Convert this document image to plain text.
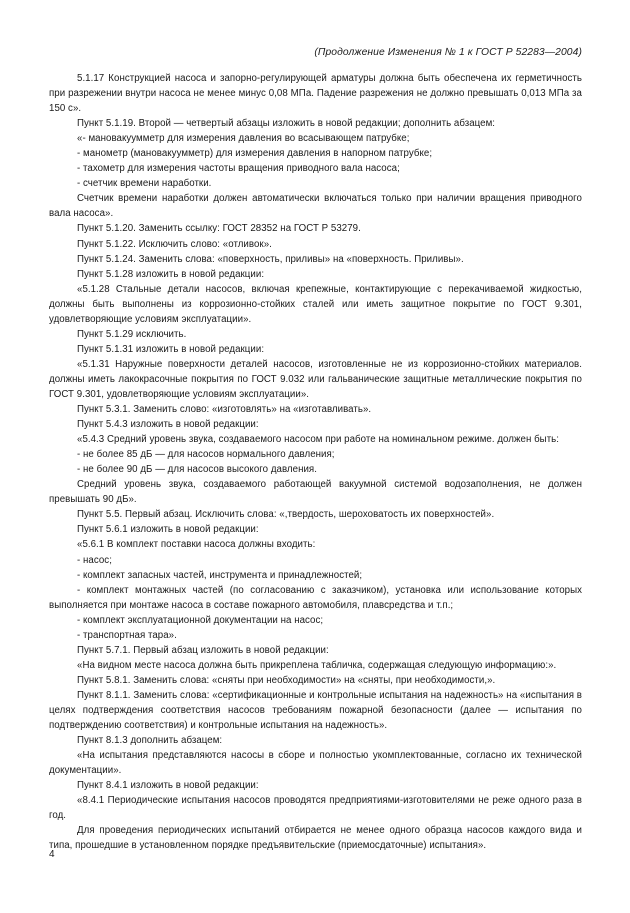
(Продолжение Изменения № 1 к ГОСТ Р 52283—2004)

5.1.17 Конструкцией насоса и запорно-регулирующей арматуры должна быть обеспечена их герметичность при разрежении внутри насоса не менее минус 0,08 МПа. Падение разрежения не должно превышать 0,013 МПа за 150 с».

Пункт 5.1.19. Второй — четвертый абзацы изложить в новой редакции; дополнить абзацем:

«- мановакуумметр для измерения давления во всасывающем патрубке;

- манометр (мановакуумметр) для измерения давления в напорном патрубке;

- тахометр для измерения частоты вращения приводного вала насоса;

- счетчик времени наработки.

Счетчик времени наработки должен автоматически включаться только при наличии вращения приводного вала насоса».

Пункт 5.1.20. Заменить ссылку: ГОСТ 28352 на ГОСТ Р 53279.

Пункт 5.1.22. Исключить слово: «отливок».

Пункт 5.1.24. Заменить слова: «поверхность, приливы» на «поверхность. Приливы».

Пункт 5.1.28 изложить в новой редакции:

«5.1.28 Стальные детали насосов, включая крепежные, контактирующие с перекачиваемой жидкостью, должны быть выполнены из коррозионно-стойких сталей или иметь защитное покрытие по ГОСТ 9.301, удовлетворяющие условиям эксплуатации».

Пункт 5.1.29 исключить.

Пункт 5.1.31 изложить в новой редакции:

«5.1.31 Наружные поверхности деталей насосов, изготовленные не из коррозионно-стойких материалов. должны иметь лакокрасочные покрытия по ГОСТ 9.032 или гальванические защитные металлические покрытия по ГОСТ 9.301, удовлетворяющие условиям эксплуатации».

Пункт 5.3.1. Заменить слово: «изготовлять» на «изготавливать».

Пункт 5.4.3 изложить в новой редакции:

«5.4.3 Средний уровень звука, создаваемого насосом при работе на номинальном режиме. должен быть:

- не более 85 дБ — для насосов нормального давления;

- не более 90 дБ — для насосов высокого давления.

Средний уровень звука, создаваемого работающей вакуумной системой водозаполнения, не должен превышать 90 дБ».

Пункт 5.5. Первый абзац. Исключить слова: «,твердость, шероховатость их поверхностей».

Пункт 5.6.1 изложить в новой редакции:

«5.6.1 В комплект поставки насоса должны входить:

- насос;

- комплект запасных частей, инструмента и принадлежностей;

- комплект монтажных частей (по согласованию с заказчиком), установка или использование которых выполняется при монтаже насоса в составе пожарного автомобиля, плавсредства и т.п.;

- комплект эксплуатационной документации на насос;

- транспортная тара».

Пункт 5.7.1. Первый абзац изложить в новой редакции:

«На видном месте насоса должна быть прикреплена табличка, содержащая следующую информацию:».

Пункт 5.8.1. Заменить слова: «сняты при необходимости» на «сняты, при необходимости,».

Пункт 8.1.1. Заменить слова: «сертификационные и контрольные испытания на надежность» на «испытания в целях подтверждения соответствия насосов требованиям пожарной безопасности (далее — испытания по подтверждению соответствия) и контрольные испытания на надежность».

Пункт 8.1.3 дополнить абзацем:

«На испытания представляются насосы в сборе и полностью укомплектованные, согласно их технической документации».

Пункт 8.4.1 изложить в новой редакции:

«8.4.1 Периодические испытания насосов проводятся предприятиями-изготовителями не реже одного раза в год.

Для проведения периодических испытаний отбирается не менее одного образца насосов каждого вида и типа, прошедшие в установленном порядке предъявительские (приемосдаточные) испытания».

4
